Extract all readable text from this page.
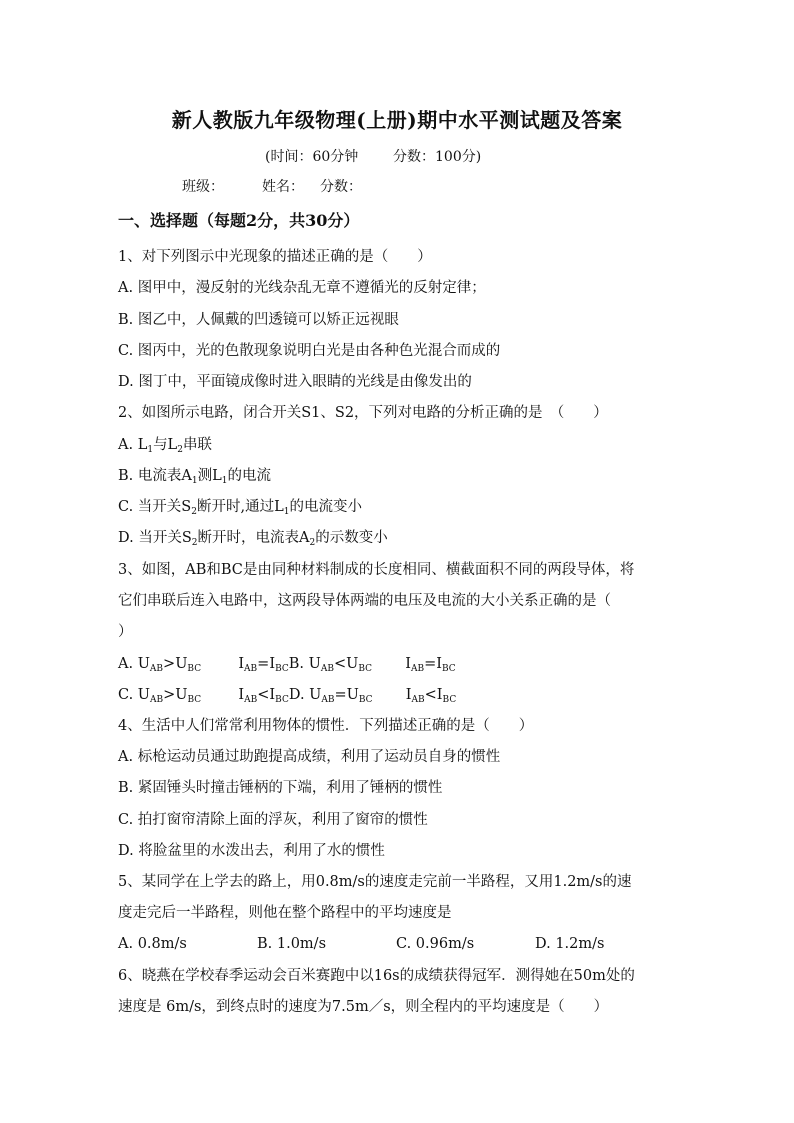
新人教版九年级物理(上册)期中水平测试题及答案
(时间：60分钟 分数：100分)
班级：	姓名： 分数：
一、选择题（每题2分，共30分）
1、对下列图示中光现象的描述正确的是（　　）
A. 图甲中，漫反射的光线杂乱无章不遵循光的反射定律；
B. 图乙中，人佩戴的凹透镜可以矫正远视眼
C. 图丙中，光的色散现象说明白光是由各种色光混合而成的
D. 图丁中，平面镜成像时进入眼睛的光线是由像发出的
2、如图所示电路，闭合开关S1、S2，下列对电路的分析正确的是　（　　）
A. $L_1$与$L_2$串联
B. 电流表$A_1$测$L_1$的电流
C. 当开关$S_2$断开时,通过$L_1$的电流变小
D. 当开关$S_2$断开时，电流表$A_2$的示数变小
3、如图，AB和BC是由同种材料制成的长度相同、横截面积不同的两段导体，将
它们串联后连入电路中，这两段导体两端的电压及电流的大小关系正确的是（
）
A. $U_{AB}>U_{BC}$	$I_{AB}=I_{BC}B$. $U_{AB}<U_{BC}$ $I_{AB}=I_{BC}$
C. $U_{AB}>U_{BC}$	$I_{AB}<I_{BC}D$. $U_{AB}=U_{BC}$ $I_{AB}<I_{BC}$
4、生活中人们常常利用物体的惯性．下列描述正确的是（　　）
A. 标枪运动员通过助跑提高成绩，利用了运动员自身的惯性
B. 紧固锤头时撞击锤柄的下端，利用了锤柄的惯性
C. 拍打窗帘清除上面的浮灰，利用了窗帘的惯性
D. 将脸盆里的水泼出去，利用了水的惯性
5、某同学在上学去的路上，用0.8m/s的速度走完前一半路程，又用1.2m/s的速
度走完后一半路程，则他在整个路程中的平均速度是
A. 0.8m/s	B. 1.0m/s	C. 0.96m/s	D. 1.2m/s
6、晓燕在学校春季运动会百米赛跑中以16s的成绩获得冠军．测得她在50m处的
速度是 6m/s，到终点时的速度为7.5m／s，则全程内的平均速度是（　　）
